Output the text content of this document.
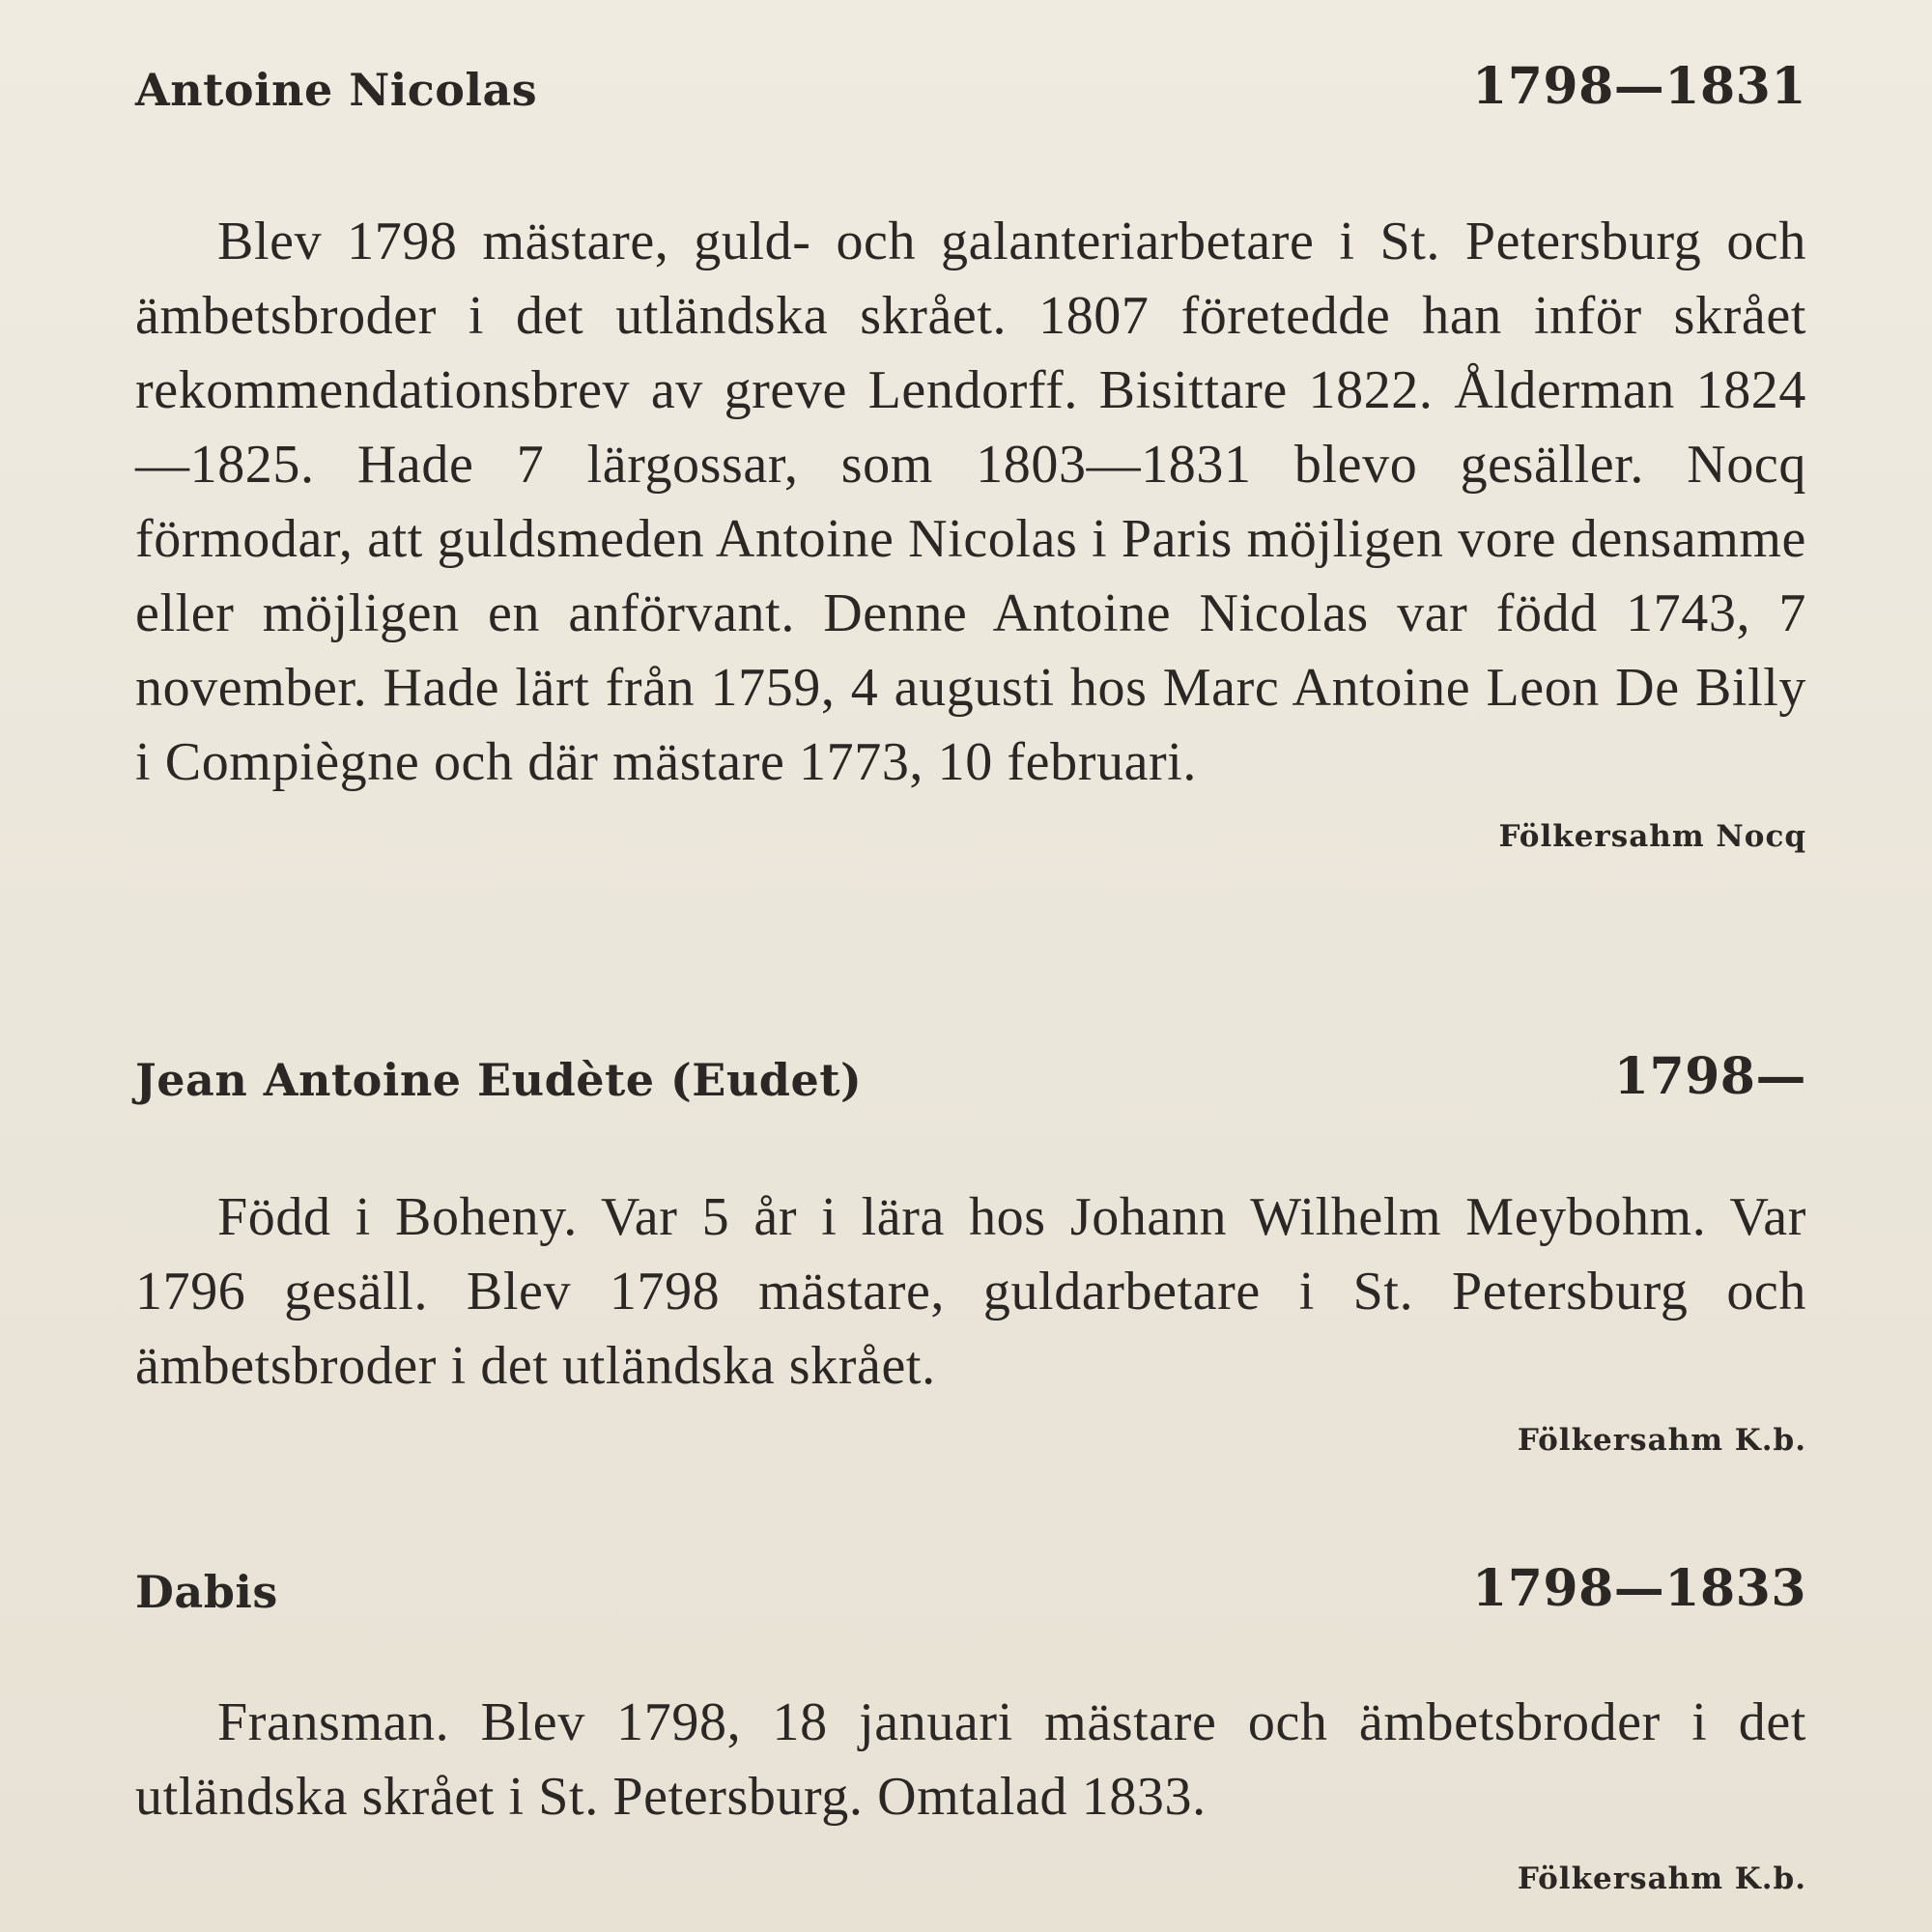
Antoine Nicolas	1798—1831

Blev 1798 mästare, guld- och galanteriarbetare i St. Petersburg och ämbetsbroder i det utländska skrået. 1807 företedde han inför skrået rekommendationsbrev av greve Lendorff. Bisittare 1822. Ålderman 1824—1825. Hade 7 lärgossar, som 1803—1831 blevo gesäller. Nocq förmodar, att guldsmeden Antoine Nicolas i Paris möjligen vore densamme eller möjligen en anförvant. Denne Antoine Nicolas var född 1743, 7 november. Hade lärt från 1759, 4 augusti hos Marc Antoine Leon De Billy i Compiègne och där mästare 1773, 10 februari.

Fölkersahm Nocq
Jean Antoine Eudète (Eudet)	1798—

Född i Boheny. Var 5 år i lära hos Johann Wilhelm Meybohm. Var 1796 gesäll. Blev 1798 mästare, guldarbetare i St. Petersburg och ämbetsbroder i det utländska skrået.

Fölkersahm K.b.
Dabis	1798—1833

Fransman. Blev 1798, 18 januari mästare och ämbetsbroder i det utländska skrået i St. Petersburg. Omtalad 1833.

Fölkersahm K.b.
